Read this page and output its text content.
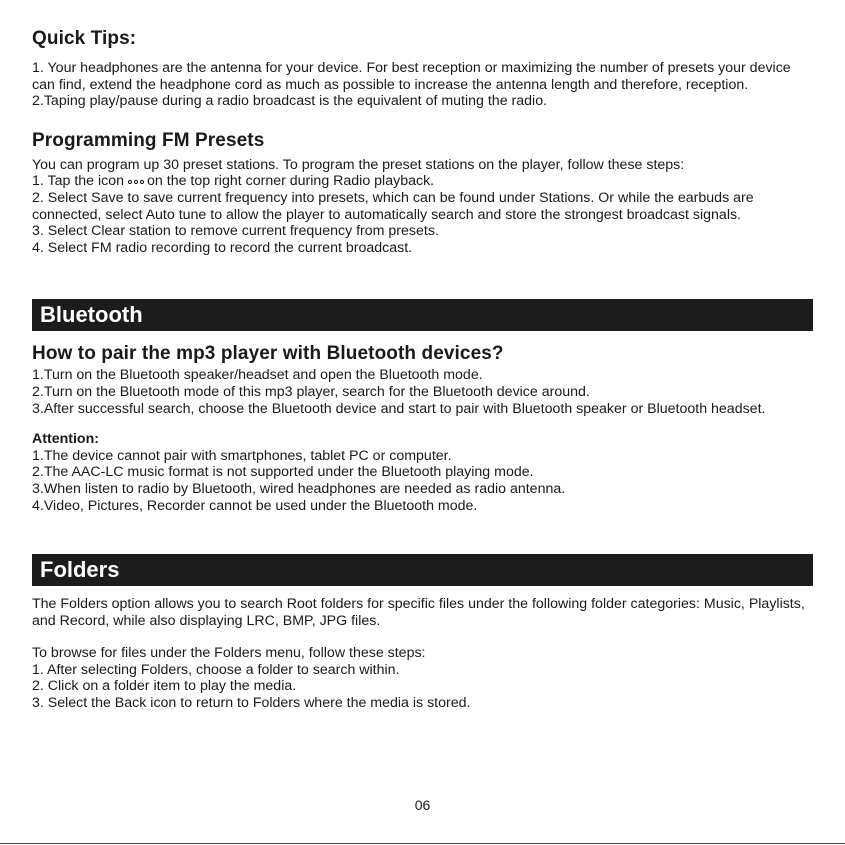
Quick Tips:

1. Your headphones are the antenna for your device. For best reception or maximizing the number of presets your device can find, extend the headphone cord as much as possible to increase the antenna length and therefore, reception.

2.Taping play/pause during a radio broadcast is the equivalent of muting the radio.

Programming FM Presets

You can program up 30 preset stations. To program the preset stations on the player, follow these steps:

1. Tap the icon on the top right corner during Radio playback.

2. Select Save to save current frequency into presets, which can be found under Stations. Or while the earbuds are connected, select Auto tune to allow the player to automatically search and store the strongest broadcast signals.

3. Select Clear station to remove current frequency from presets.

4. Select FM radio recording to record the current broadcast.

Bluetooth
How to pair the mp3 player with Bluetooth devices?

1.Turn on the Bluetooth speaker/headset and open the Bluetooth mode.

2.Turn on the Bluetooth mode of this mp3 player, search for the Bluetooth device around.

3.After successful search, choose the Bluetooth device and start to pair with Bluetooth speaker or Bluetooth headset.

Attention:

1.The device cannot pair with smartphones, tablet PC or computer.

2.The AAC-LC music format is not supported under the Bluetooth playing mode.

3.When listen to radio by Bluetooth, wired headphones are needed as radio antenna.

4.Video, Pictures, Recorder cannot be used under the Bluetooth mode.

Folders

The Folders option allows you to search Root folders for specific files under the following folder categories: Music, Playlists, and Record, while also displaying LRC, BMP, JPG files.

To browse for files under the Folders menu, follow these steps:

1. After selecting Folders, choose a folder to search within.

2. Click on a folder item to play the media.

3. Select the Back icon to return to Folders where the media is stored.

06
